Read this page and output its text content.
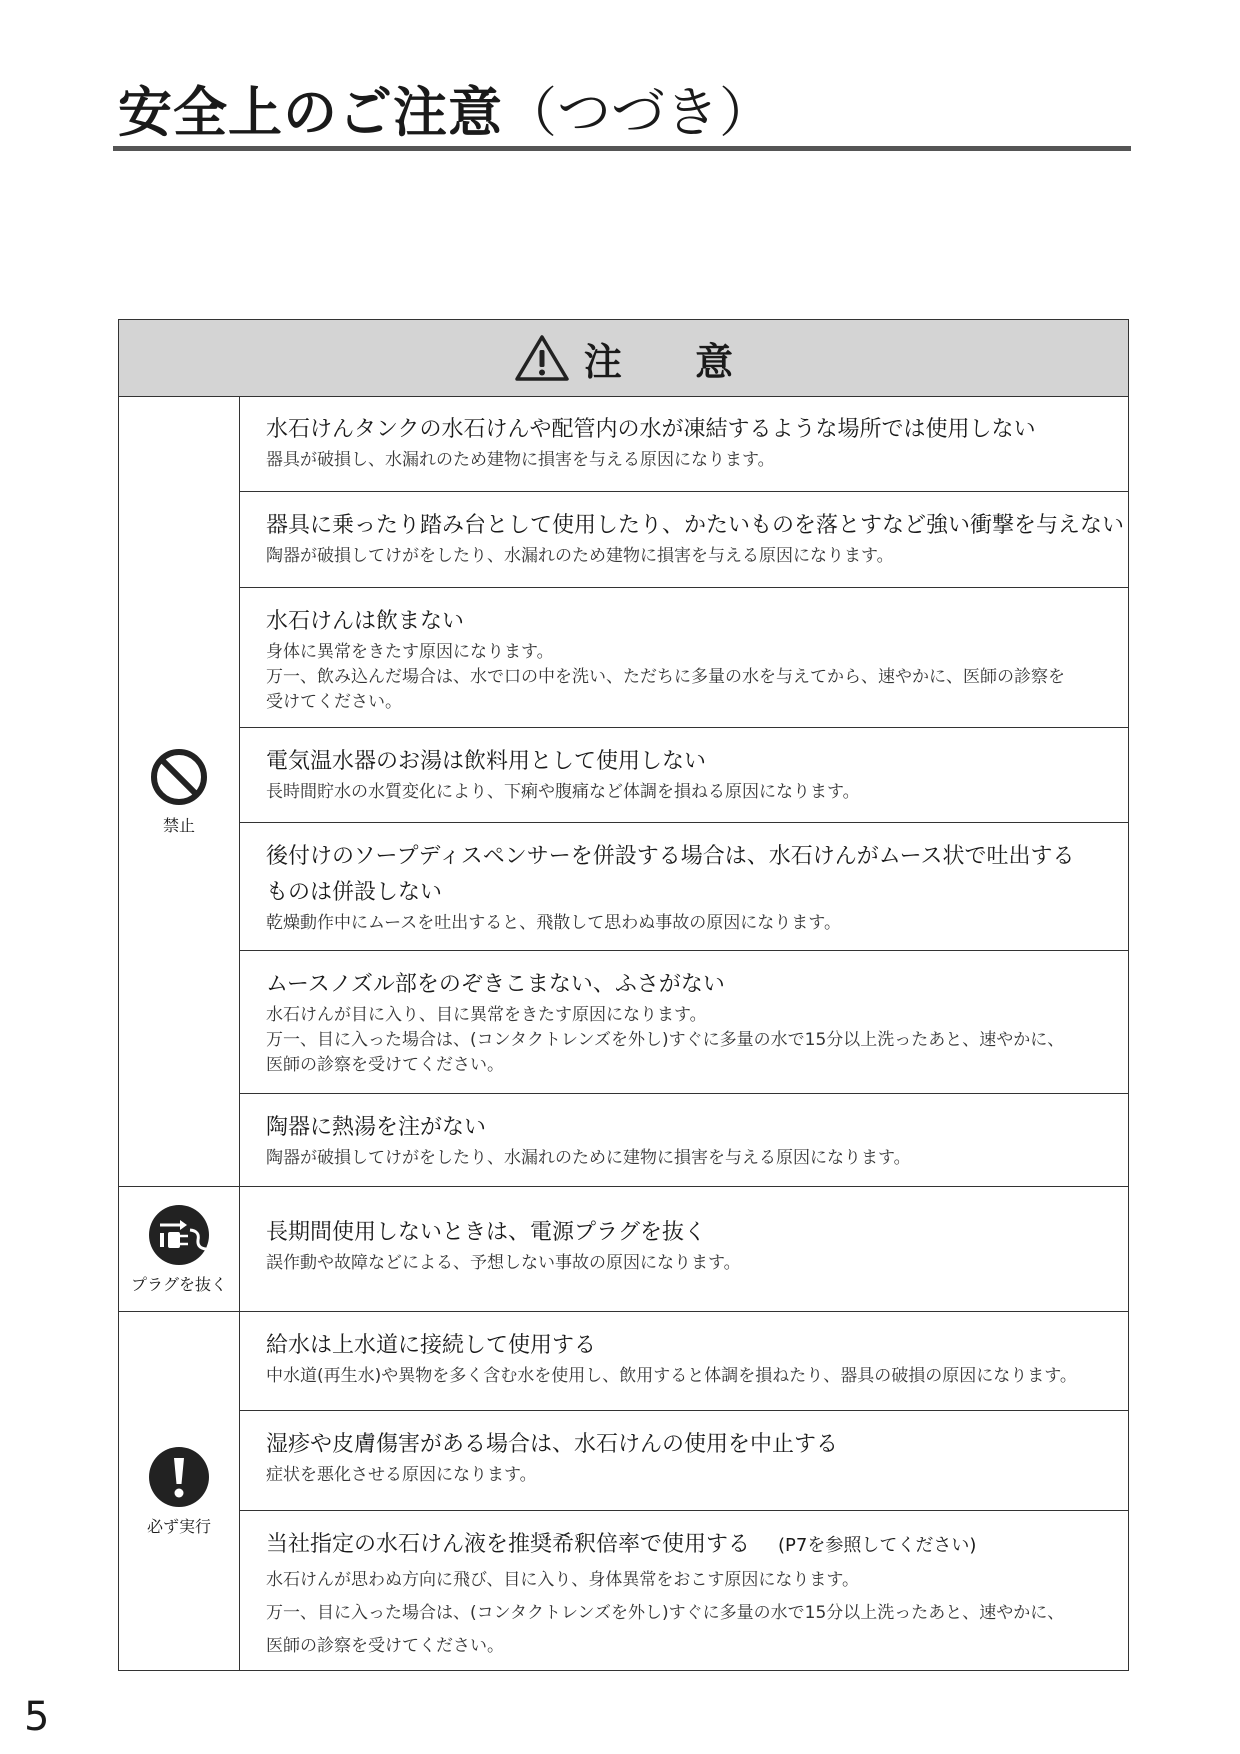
安全上のご注意（つづき）
注 意
禁止
プラグを抜く
必ず実行
水石けんタンクの水石けんや配管内の水が凍結するような場所では使用しない
器具が破損し、水漏れのため建物に損害を与える原因になります。
器具に乗ったり踏み台として使用したり、かたいものを落とすなど強い衝撃を与えない
陶器が破損してけがをしたり、水漏れのため建物に損害を与える原因になります。
水石けんは飲まない
身体に異常をきたす原因になります。
万一、飲み込んだ場合は、水で口の中を洗い、ただちに多量の水を与えてから、速やかに、医師の診察を
受けてください。
電気温水器のお湯は飲料用として使用しない
長時間貯水の水質変化により、下痢や腹痛など体調を損ねる原因になります。
後付けのソープディスペンサーを併設する場合は、水石けんがムース状で吐出する
ものは併設しない
乾燥動作中にムースを吐出すると、飛散して思わぬ事故の原因になります。
ムースノズル部をのぞきこまない、ふさがない
水石けんが目に入り、目に異常をきたす原因になります。
万一、目に入った場合は、(コンタクトレンズを外し)すぐに多量の水で15分以上洗ったあと、速やかに、
医師の診察を受けてください。
陶器に熱湯を注がない
陶器が破損してけがをしたり、水漏れのために建物に損害を与える原因になります。
長期間使用しないときは、電源プラグを抜く
誤作動や故障などによる、予想しない事故の原因になります。
給水は上水道に接続して使用する
中水道(再生水)や異物を多く含む水を使用し、飲用すると体調を損ねたり、器具の破損の原因になります。
湿疹や皮膚傷害がある場合は、水石けんの使用を中止する
症状を悪化させる原因になります。
当社指定の水石けん液を推奨希釈倍率で使用する (P7を参照してください)
水石けんが思わぬ方向に飛び、目に入り、身体異常をおこす原因になります。
万一、目に入った場合は、(コンタクトレンズを外し)すぐに多量の水で15分以上洗ったあと、速やかに、
医師の診察を受けてください。
5
